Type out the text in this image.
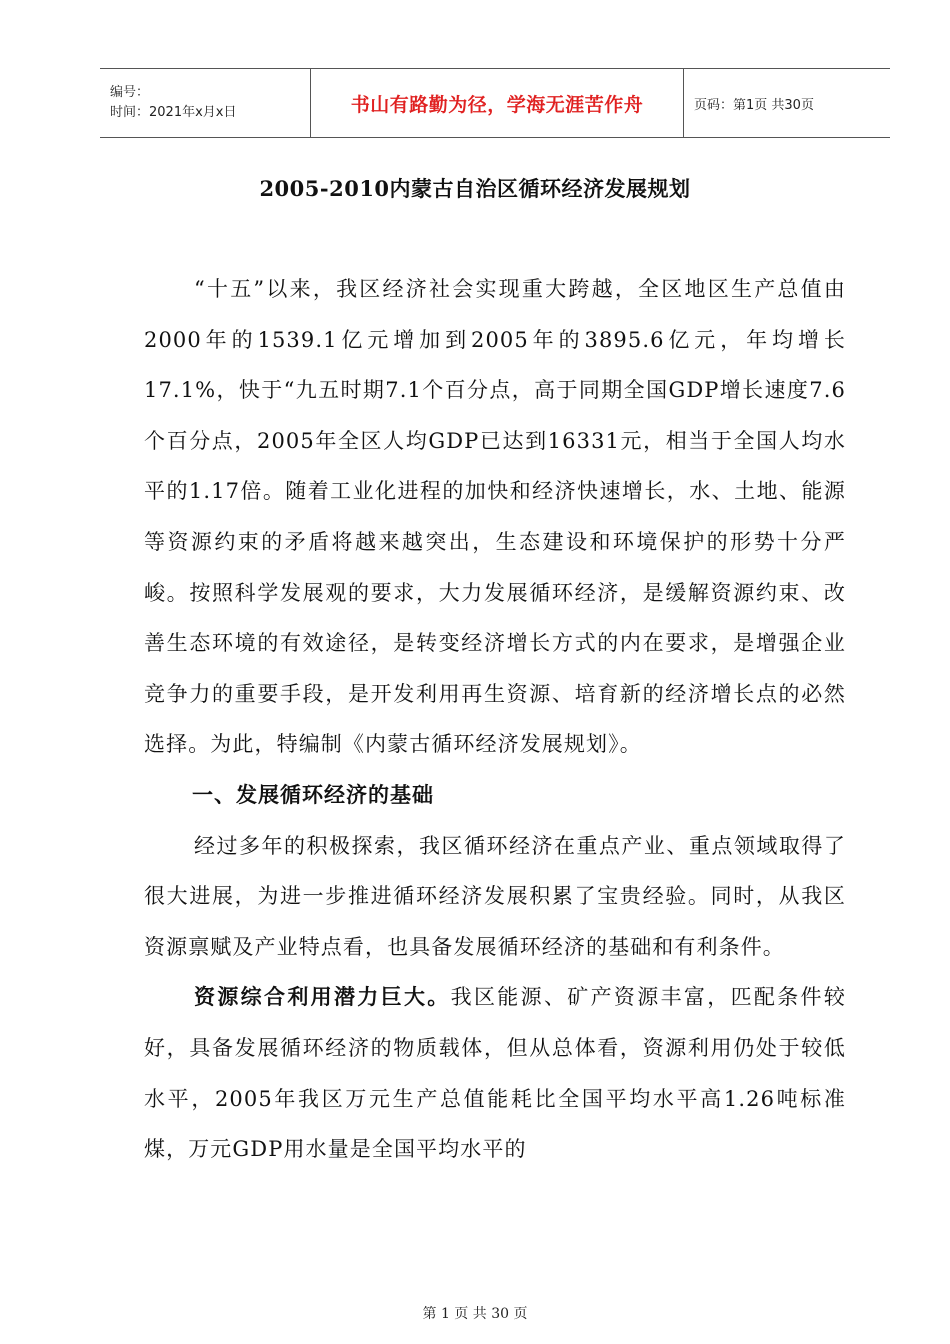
编号：
时间：2021年x月x日	书山有路勤为径，学海无涯苦作舟	页码：第1页 共30页
2005-2010内蒙古自治区循环经济发展规划

“十五”以来，我区经济社会实现重大跨越，全区地区生产总值由2000年的1539.1亿元增加到2005年的3895.6亿元，年均增长17.1%，快于“九五时期7.1个百分点，高于同期全国GDP增长速度7.6个百分点，2005年全区人均GDP已达到16331元，相当于全国人均水平的1.17倍。随着工业化进程的加快和经济快速增长，水、土地、能源等资源约束的矛盾将越来越突出，生态建设和环境保护的形势十分严峻。按照科学发展观的要求，大力发展循环经济，是缓解资源约束、改善生态环境的有效途径，是转变经济增长方式的内在要求，是增强企业竞争力的重要手段，是开发利用再生资源、培育新的经济增长点的必然选择。为此，特编制《内蒙古循环经济发展规划》。

一、发展循环经济的基础

经过多年的积极探索，我区循环经济在重点产业、重点领域取得了很大进展，为进一步推进循环经济发展积累了宝贵经验。同时，从我区资源禀赋及产业特点看，也具备发展循环经济的基础和有利条件。

资源综合利用潜力巨大。我区能源、矿产资源丰富，匹配条件较好，具备发展循环经济的物质载体，但从总体看，资源利用仍处于较低水平，2005年我区万元生产总值能耗比全国平均水平高1.26吨标准煤，万元GDP用水量是全国平均水平的

第 1 页 共 30 页
